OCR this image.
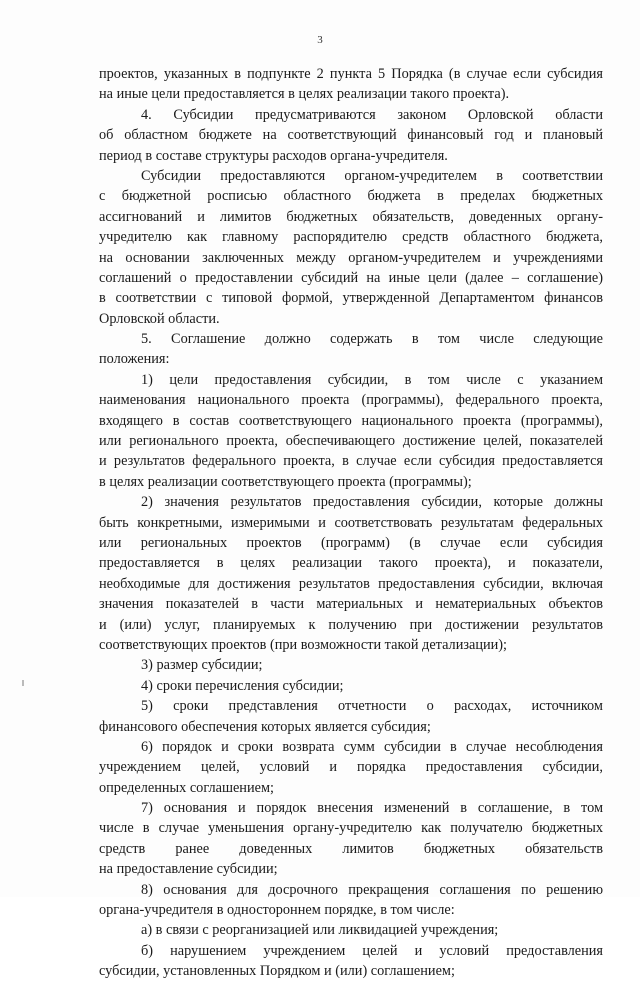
3
проектов, указанных в подпункте 2 пункта 5 Порядка (в случае если субсидия
на иные цели предоставляется в целях реализации такого проекта).
4. Субсидии предусматриваются законом Орловской области
об областном бюджете на соответствующий финансовый год и плановый
период в составе структуры расходов органа-учредителя.
Субсидии предоставляются органом-учредителем в соответствии
с бюджетной росписью областного бюджета в пределах бюджетных
ассигнований и лимитов бюджетных обязательств, доведенных органу-
учредителю как главному распорядителю средств областного бюджета,
на основании заключенных между органом-учредителем и учреждениями
соглашений о предоставлении субсидий на иные цели (далее – соглашение)
в соответствии с типовой формой, утвержденной Департаментом финансов
Орловской области.
5. Соглашение должно содержать в том числе следующие
положения:
1) цели предоставления субсидии, в том числе с указанием
наименования национального проекта (программы), федерального проекта,
входящего в состав соответствующего национального проекта (программы),
или регионального проекта, обеспечивающего достижение целей, показателей
и результатов федерального проекта, в случае если субсидия предоставляется
в целях реализации соответствующего проекта (программы);
2) значения результатов предоставления субсидии, которые должны
быть конкретными, измеримыми и соответствовать результатам федеральных
или региональных проектов (программ) (в случае если субсидия
предоставляется в целях реализации такого проекта), и показатели,
необходимые для достижения результатов предоставления субсидии, включая
значения показателей в части материальных и нематериальных объектов
и (или) услуг, планируемых к получению при достижении результатов
соответствующих проектов (при возможности такой детализации);
3) размер субсидии;
4) сроки перечисления субсидии;
5) сроки представления отчетности о расходах, источником
финансового обеспечения которых является субсидия;
6) порядок и сроки возврата сумм субсидии в случае несоблюдения
учреждением целей, условий и порядка предоставления субсидии,
определенных соглашением;
7) основания и порядок внесения изменений в соглашение, в том
числе в случае уменьшения органу-учредителю как получателю бюджетных
средств ранее доведенных лимитов бюджетных обязательств
на предоставление субсидии;
8) основания для досрочного прекращения соглашения по решению
органа-учредителя в одностороннем порядке, в том числе:
а) в связи с реорганизацией или ликвидацией учреждения;
б) нарушением учреждением целей и условий предоставления
субсидии, установленных Порядком и (или) соглашением;
